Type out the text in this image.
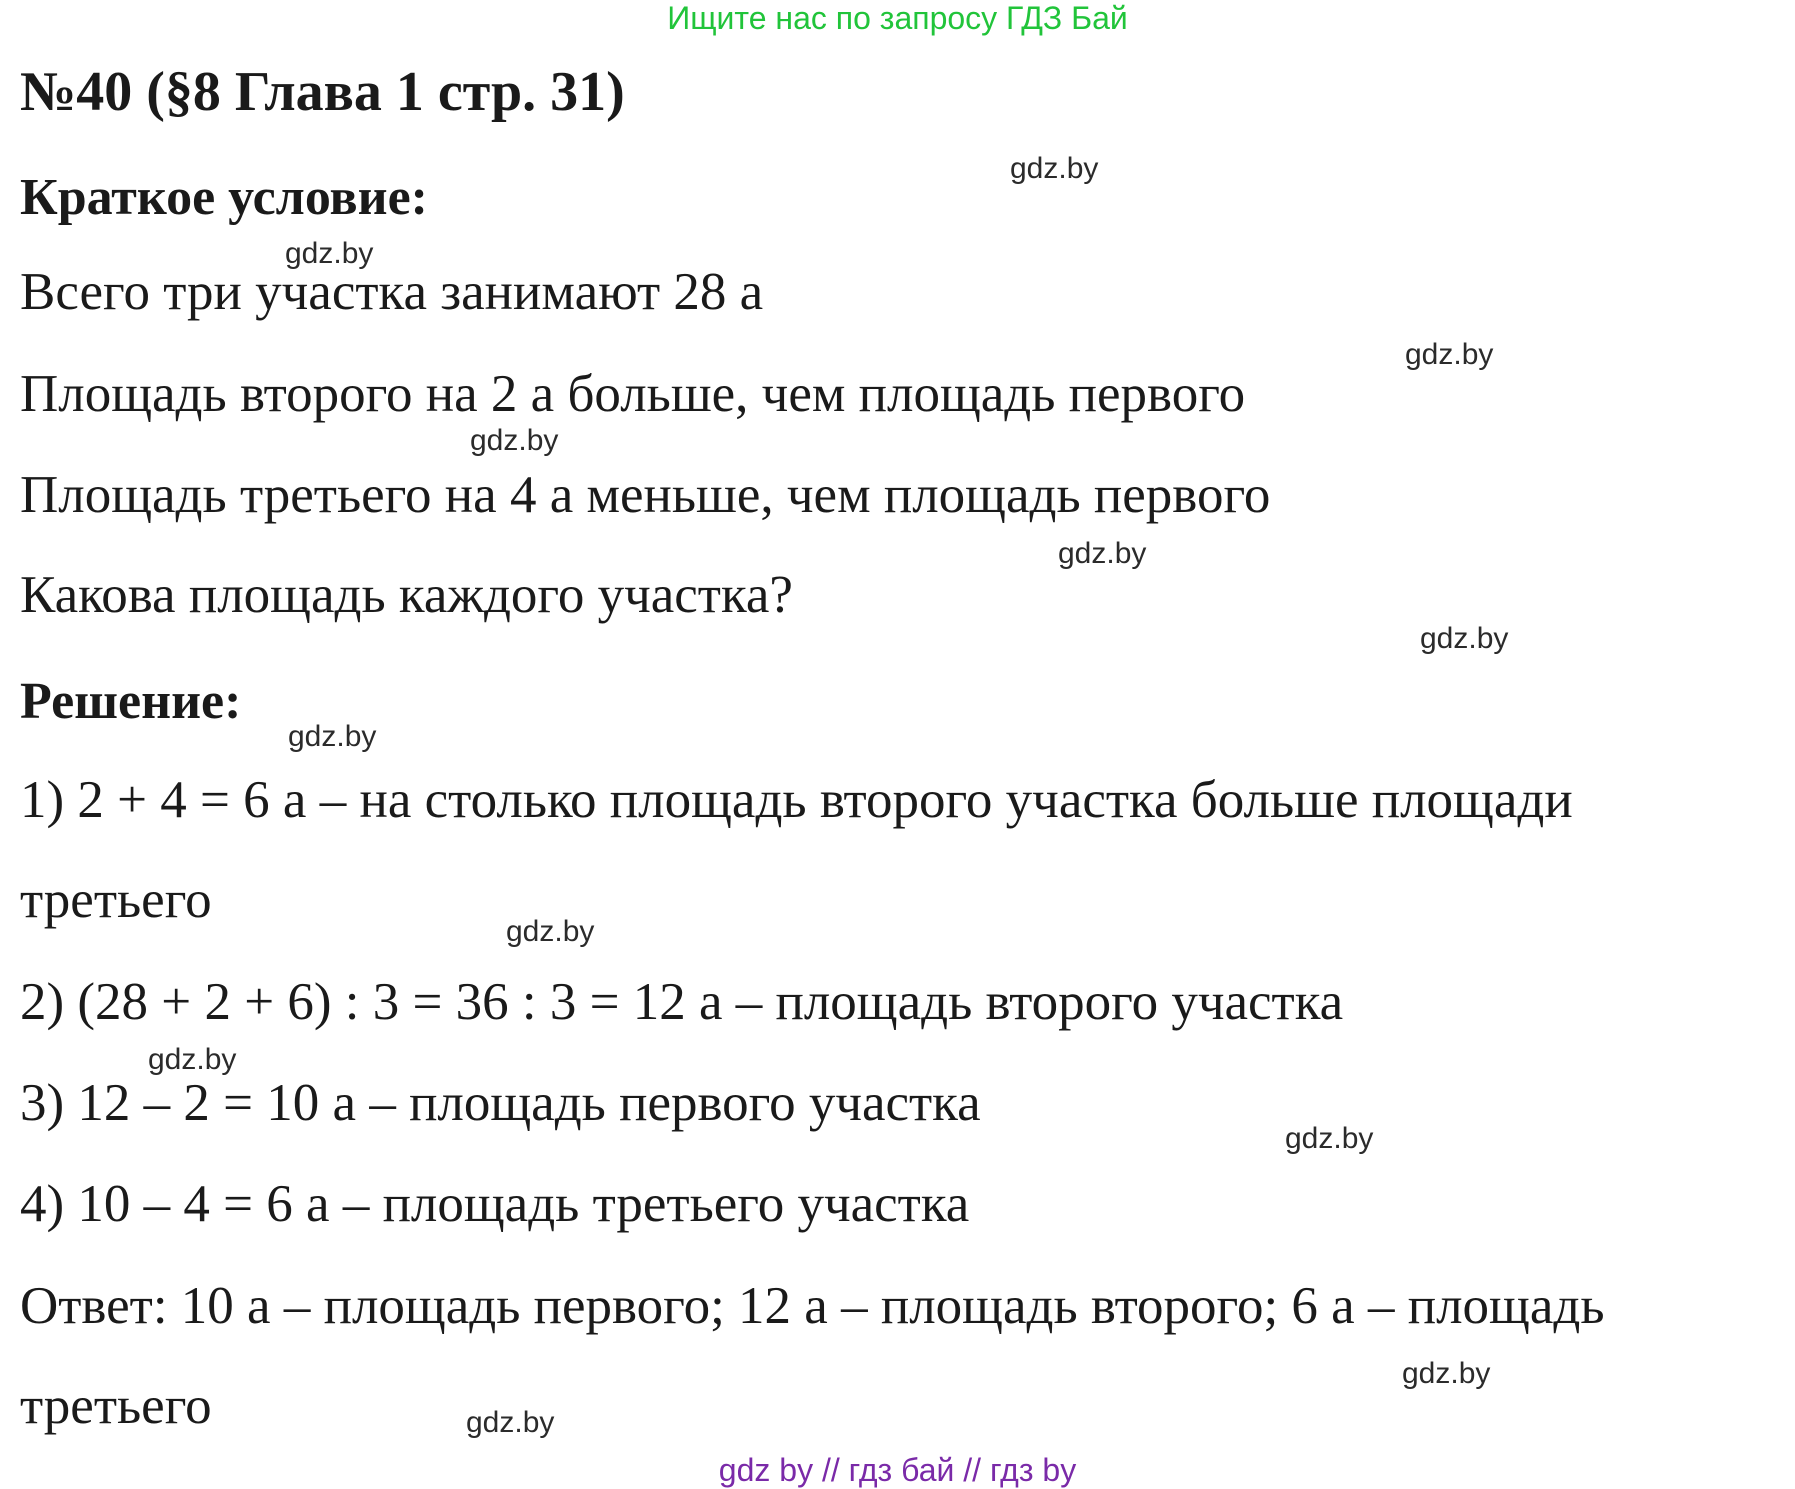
Ищите нас по запросу ГДЗ Бай
№40 (§8 Глава 1 стр. 31)
Краткое условие:
Всего три участка занимают 28 а
Площадь второго на 2 а больше, чем площадь первого
Площадь третьего на 4 а меньше, чем площадь первого
Какова площадь каждого участка?
Решение:
1) 2 + 4 = 6 а – на столько площадь второго участка больше площади
третьего
2) (28 + 2 + 6) : 3 = 36 : 3 = 12 а – площадь второго участка
3) 12 – 2 = 10 а – площадь первого участка
4) 10 – 4 = 6 а – площадь третьего участка
Ответ: 10 а – площадь первого; 12 а – площадь второго; 6 а – площадь
третьего
gdz.by
gdz.by
gdz.by
gdz.by
gdz.by
gdz.by
gdz.by
gdz.by
gdz.by
gdz.by
gdz.by
gdz.by
gdz by // гдз бай // гдз by
